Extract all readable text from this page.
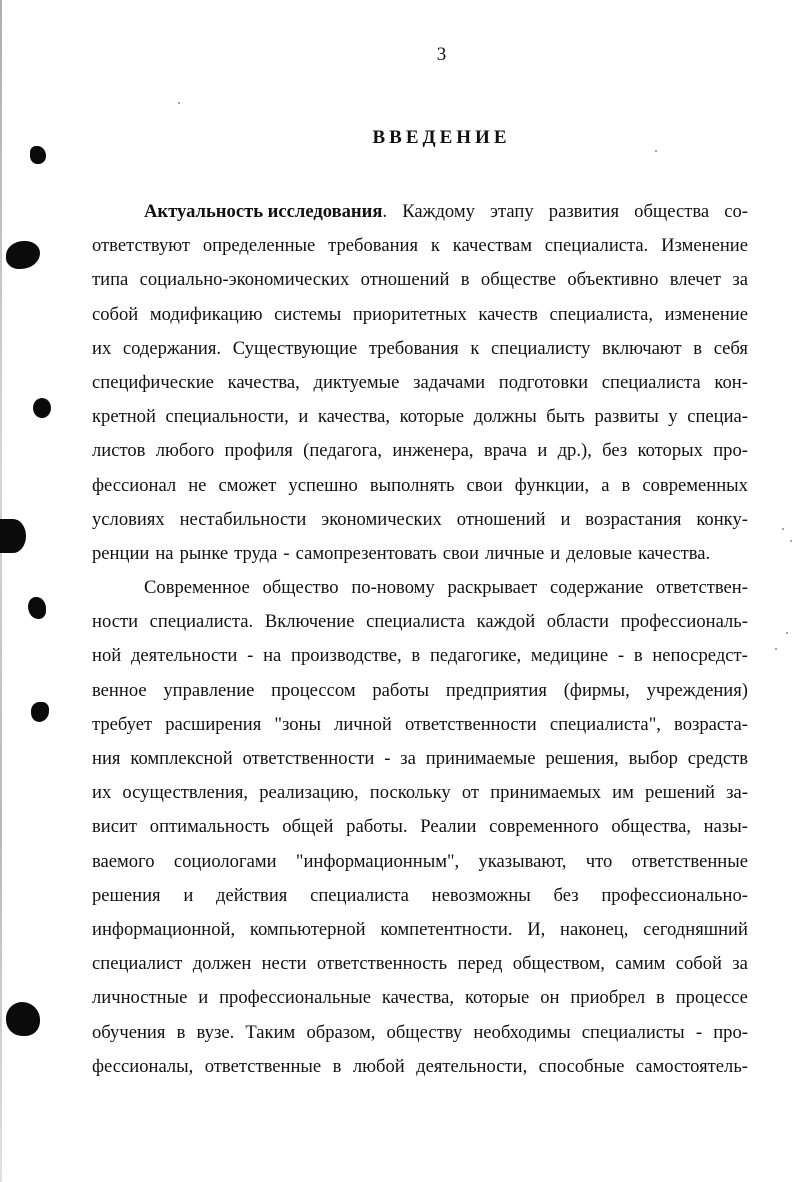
3
ВВЕДЕНИЕ
Актуальность исследования. Каждому этапу развития общества со-
ответствуют определенные требования к качествам специалиста. Изменение
типа социально-экономических отношений в обществе объективно влечет за
собой модификацию системы приоритетных качеств специалиста, изменение
их содержания. Существующие требования к специалисту включают в себя
специфические качества, диктуемые задачами подготовки специалиста кон-
кретной специальности, и качества, которые должны быть развиты у специа-
листов любого профиля (педагога, инженера, врача и др.), без которых про-
фессионал не сможет успешно выполнять свои функции, а в современных
условиях нестабильности экономических отношений и возрастания конку-
ренции на рынке труда - самопрезентовать свои личные и деловые качества.
Современное общество по-новому раскрывает содержание ответствен-
ности специалиста. Включение специалиста каждой области профессиональ-
ной деятельности - на производстве, в педагогике, медицине - в непосредст-
венное управление процессом работы предприятия (фирмы, учреждения)
требует расширения "зоны личной ответственности специалиста", возраста-
ния комплексной ответственности - за принимаемые решения, выбор средств
их осуществления, реализацию, поскольку от принимаемых им решений за-
висит оптимальность общей работы. Реалии современного общества, назы-
ваемого социологами "информационным", указывают, что ответственные
решения и действия специалиста невозможны без профессионально-
информационной, компьютерной компетентности. И, наконец, сегодняшний
специалист должен нести ответственность перед обществом, самим собой за
личностные и профессиональные качества, которые он приобрел в процессе
обучения в вузе. Таким образом, обществу необходимы специалисты - про-
фессионалы, ответственные в любой деятельности, способные самостоятель-
